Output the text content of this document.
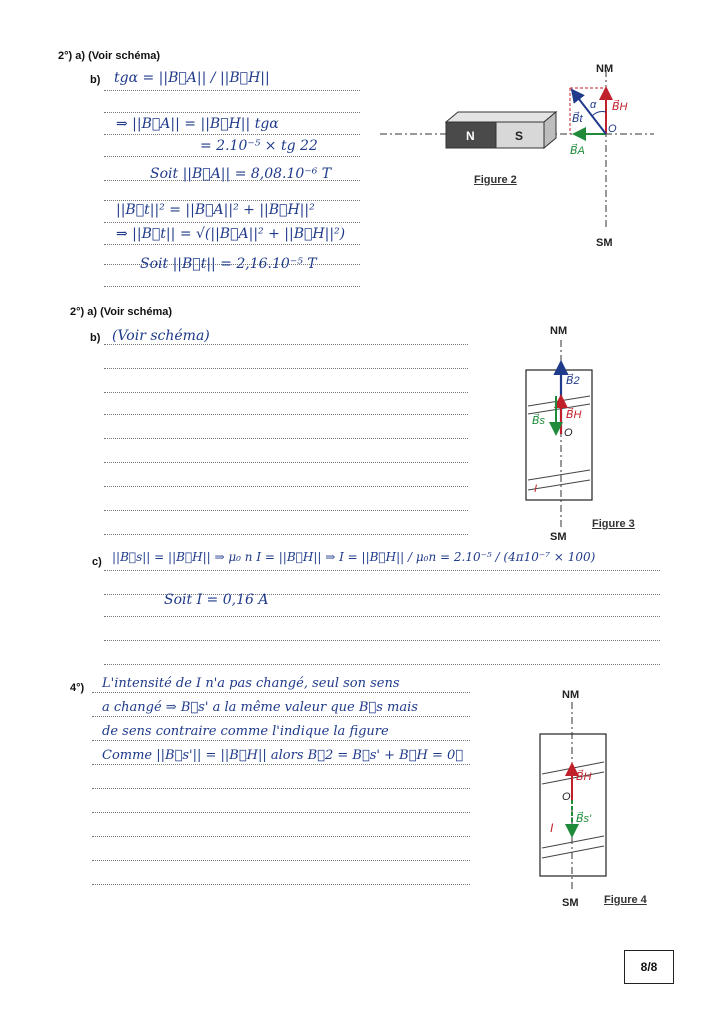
2°) a) (Voir schéma)
b) tgα = ||B⃗A|| / ||B⃗H||
⇒ ||B⃗A|| = ||B⃗H|| tgα
= 2.10⁻⁵ × tg 22
Soit ||B⃗A|| = 8,08.10⁻⁶ T
||B⃗t||² = ||B⃗A||² + ||B⃗H||²
⇒ ||B⃗t|| = √(||B⃗A||² + ||B⃗H||²)
Soit ||B⃗t|| = 2,16.10⁻⁵ T
N	S
NM
SM
B⃗H
B⃗A
B⃗t
α
O
Figure 2
2°) a) (Voir schéma)
b) (Voir schéma)	NM
SM
B⃗2
B⃗H
B⃗s
O
I
Figure 3
c) ||B⃗s|| = ||B⃗H|| ⇒ μ₀ n I = ||B⃗H|| ⇒ I = ||B⃗H|| / μ₀n = 2.10⁻⁵ / (4π10⁻⁷ × 100)
Soit I = 0,16 A
4°) L'intensité de I n'a pas changé, seul son sens
a changé ⇒ B⃗s' a la même valeur que B⃗s mais
de sens contraire comme l'indique la figure
Comme ||B⃗s'|| = ||B⃗H|| alors B⃗2 = B⃗s' + B⃗H = 0⃗
NM
SM
B⃗H
B⃗s'
O
I
Figure 4
8/8
